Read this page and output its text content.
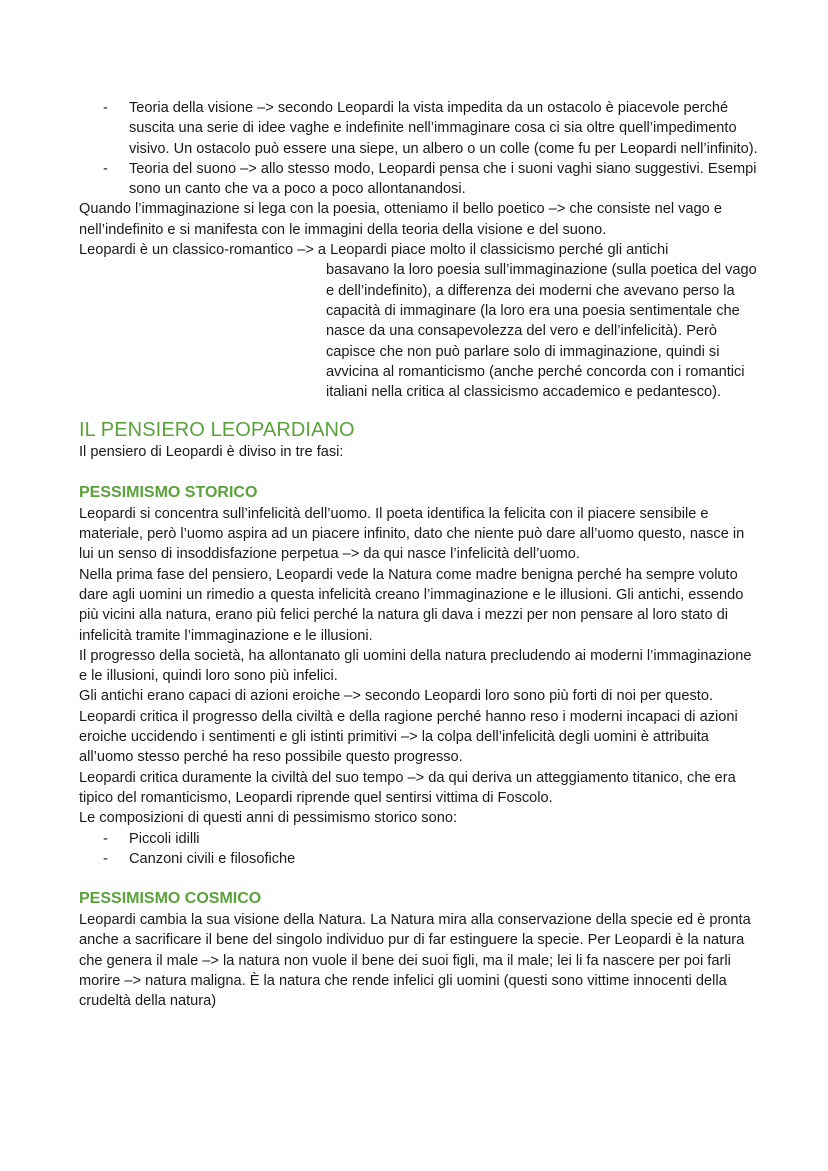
- Teoria della visione –> secondo Leopardi la vista impedita da un ostacolo è piacevole perché suscita una serie di idee vaghe e indefinite nell’immaginare cosa ci sia oltre quell’impedimento visivo. Un ostacolo può essere una siepe, un albero o un colle (come fu per Leopardi nell’infinito).
- Teoria del suono –> allo stesso modo, Leopardi pensa che i suoni vaghi siano suggestivi. Esempi sono un canto che va a poco a poco allontanandosi.

Quando l’immaginazione si lega con la poesia, otteniamo il bello poetico –> che consiste nel vago e nell’indefinito e si manifesta con le immagini della teoria della visione e del suono.

Leopardi è un classico-romantico –> a Leopardi piace molto il classicismo perché gli antichi

basavano la loro poesia sull’immaginazione (sulla poetica del vago e dell’indefinito), a differenza dei moderni che avevano perso la capacità di immaginare (la loro era una poesia sentimentale che nasce da una consapevolezza del vero e dell’infelicità). Però capisce che non può parlare solo di immaginazione, quindi si avvicina al romanticismo (anche perché concorda con i romantici italiani nella critica al classicismo accademico e pedantesco).

IL PENSIERO LEOPARDIANO

Il pensiero di Leopardi è diviso in tre fasi:

PESSIMISMO STORICO

Leopardi si concentra sull’infelicità dell’uomo. Il poeta identifica la felicita con il piacere sensibile e materiale, però l’uomo aspira ad un piacere infinito, dato che niente può dare all’uomo questo, nasce in lui un senso di insoddisfazione perpetua –> da qui nasce l’infelicità dell’uomo.

Nella prima fase del pensiero, Leopardi vede la Natura come madre benigna perché ha sempre voluto dare agli uomini un rimedio a questa infelicità creano l’immaginazione e le illusioni. Gli antichi, essendo più vicini alla natura, erano più felici perché la natura gli dava i mezzi per non pensare al loro stato di infelicità tramite l’immaginazione e le illusioni.

Il progresso della società, ha allontanato gli uomini della natura precludendo ai moderni l’immaginazione e le illusioni, quindi loro sono più infelici.

Gli antichi erano capaci di azioni eroiche –> secondo Leopardi loro sono più forti di noi per questo. Leopardi critica il progresso della civiltà e della ragione perché hanno reso i moderni incapaci di azioni eroiche uccidendo i sentimenti e gli istinti primitivi –> la colpa dell’infelicità degli uomini è attribuita all’uomo stesso perché ha reso possibile questo progresso.

Leopardi critica duramente la civiltà del suo tempo –> da qui deriva un atteggiamento titanico, che era tipico del romanticismo, Leopardi riprende quel sentirsi vittima di Foscolo.

Le composizioni di questi anni di pessimismo storico sono:

- Piccoli idilli
- Canzoni civili e filosofiche
PESSIMISMO COSMICO

Leopardi cambia la sua visione della Natura. La Natura mira alla conservazione della specie ed è pronta anche a sacrificare il bene del singolo individuo pur di far estinguere la specie. Per Leopardi è la natura che genera il male –> la natura non vuole il bene dei suoi figli, ma il male; lei li fa nascere per poi farli morire –> natura maligna. È la natura che rende infelici gli uomini (questi sono vittime innocenti della crudeltà della natura)
